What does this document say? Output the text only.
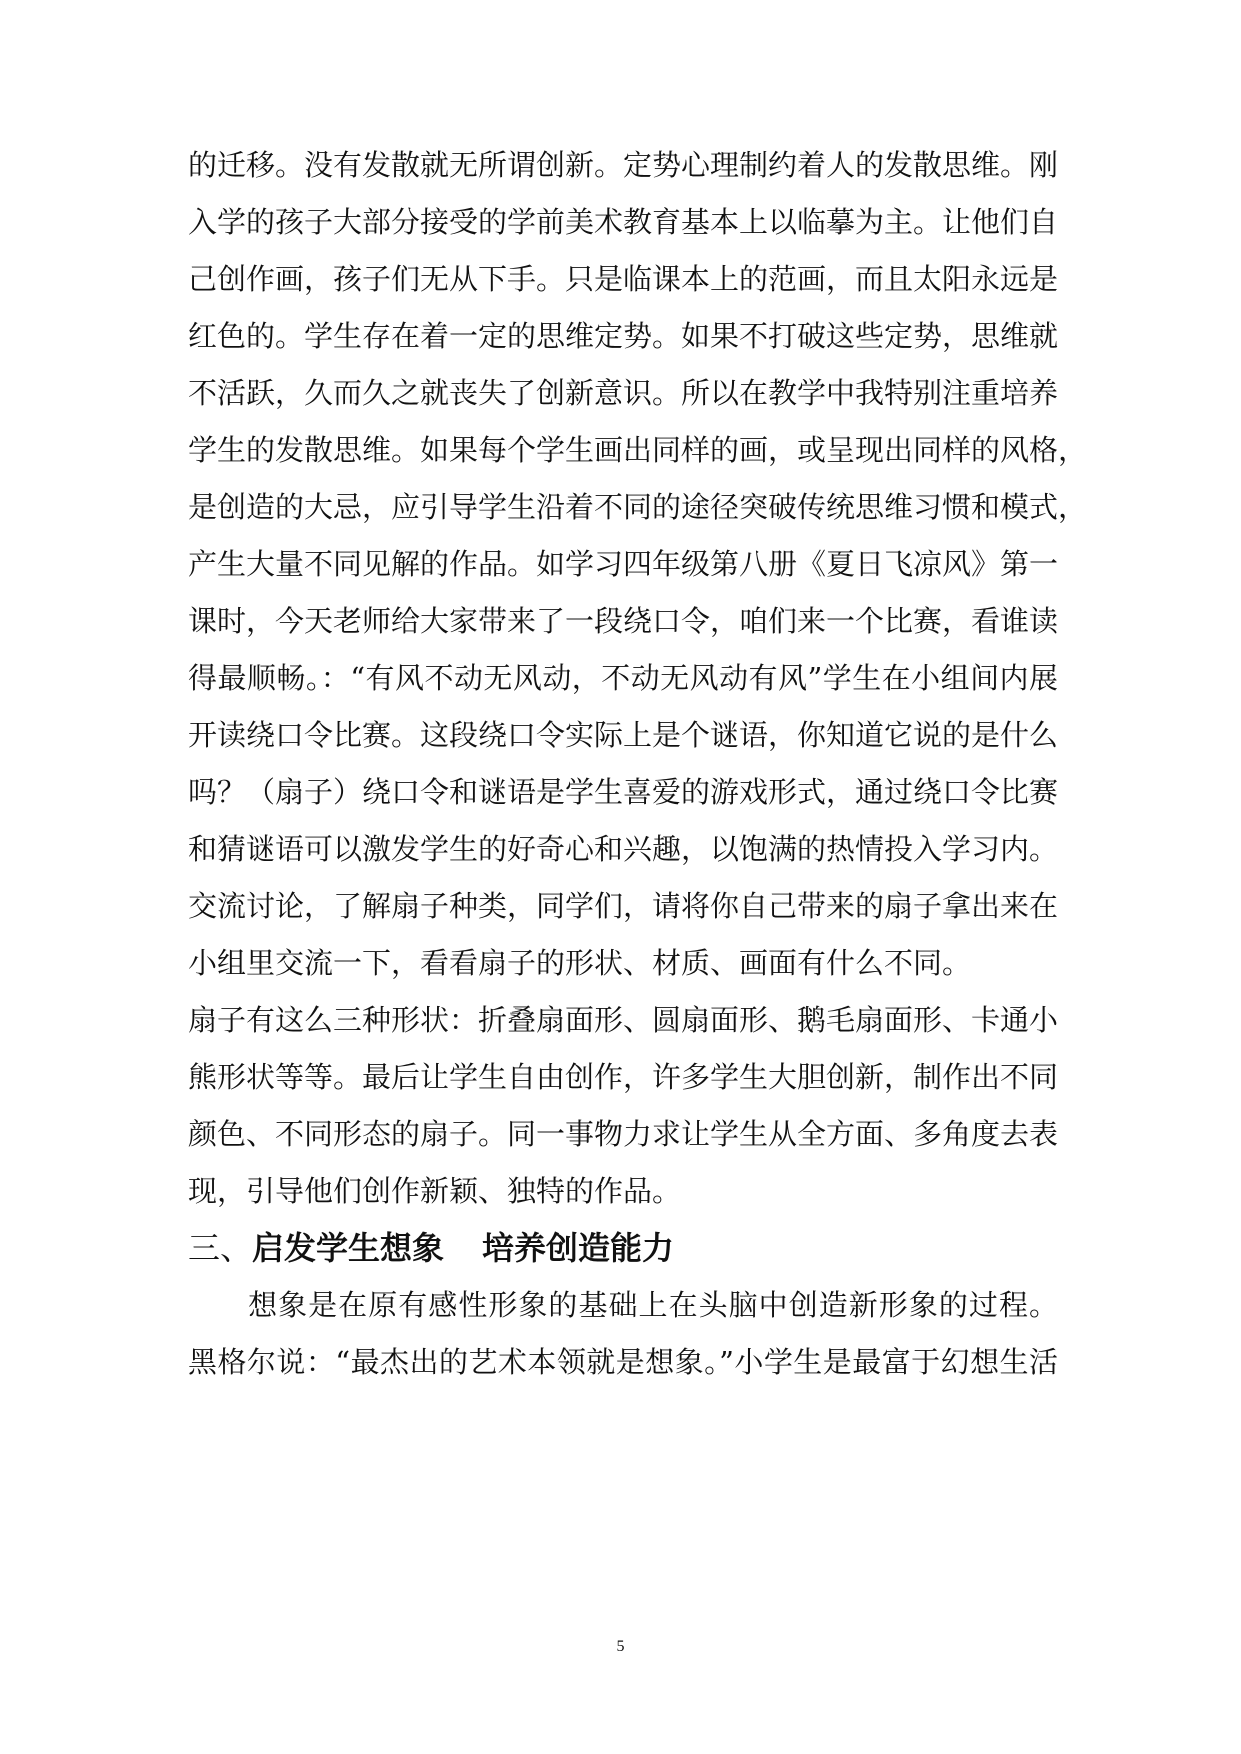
的迁移。没有发散就无所谓创新。定势心理制约着人的发散思维。刚
入学的孩子大部分接受的学前美术教育基本上以临摹为主。让他们自
己创作画，孩子们无从下手。只是临课本上的范画，而且太阳永远是
红色的。学生存在着一定的思维定势。如果不打破这些定势，思维就
不活跃，久而久之就丧失了创新意识。所以在教学中我特别注重培养
学生的发散思维。如果每个学生画出同样的画，或呈现出同样的风格，
是创造的大忌，应引导学生沿着不同的途径突破传统思维习惯和模式，
产生大量不同见解的作品。如学习四年级第八册《夏日飞凉风》第一
课时，今天老师给大家带来了一段绕口令，咱们来一个比赛，看谁读
得最顺畅。：“有风不动无风动，不动无风动有风”学生在小组间内展
开读绕口令比赛。这段绕口令实际上是个谜语，你知道它说的是什么
吗？（扇子）绕口令和谜语是学生喜爱的游戏形式，通过绕口令比赛
和猜谜语可以激发学生的好奇心和兴趣，以饱满的热情投入学习内。
交流讨论，了解扇子种类，同学们，请将你自己带来的扇子拿出来在
小组里交流一下，看看扇子的形状、材质、画面有什么不同。
扇子有这么三种形状：折叠扇面形、圆扇面形、鹅毛扇面形、卡通小
熊形状等等。最后让学生自由创作，许多学生大胆创新，制作出不同
颜色、不同形态的扇子。同一事物力求让学生从全方面、多角度去表
现，引导他们创作新颖、独特的作品。
三、启发学生想象 培养创造能力
　　想象是在原有感性形象的基础上在头脑中创造新形象的过程。
黑格尔说：“最杰出的艺术本领就是想象。”小学生是最富于幻想生活
5
